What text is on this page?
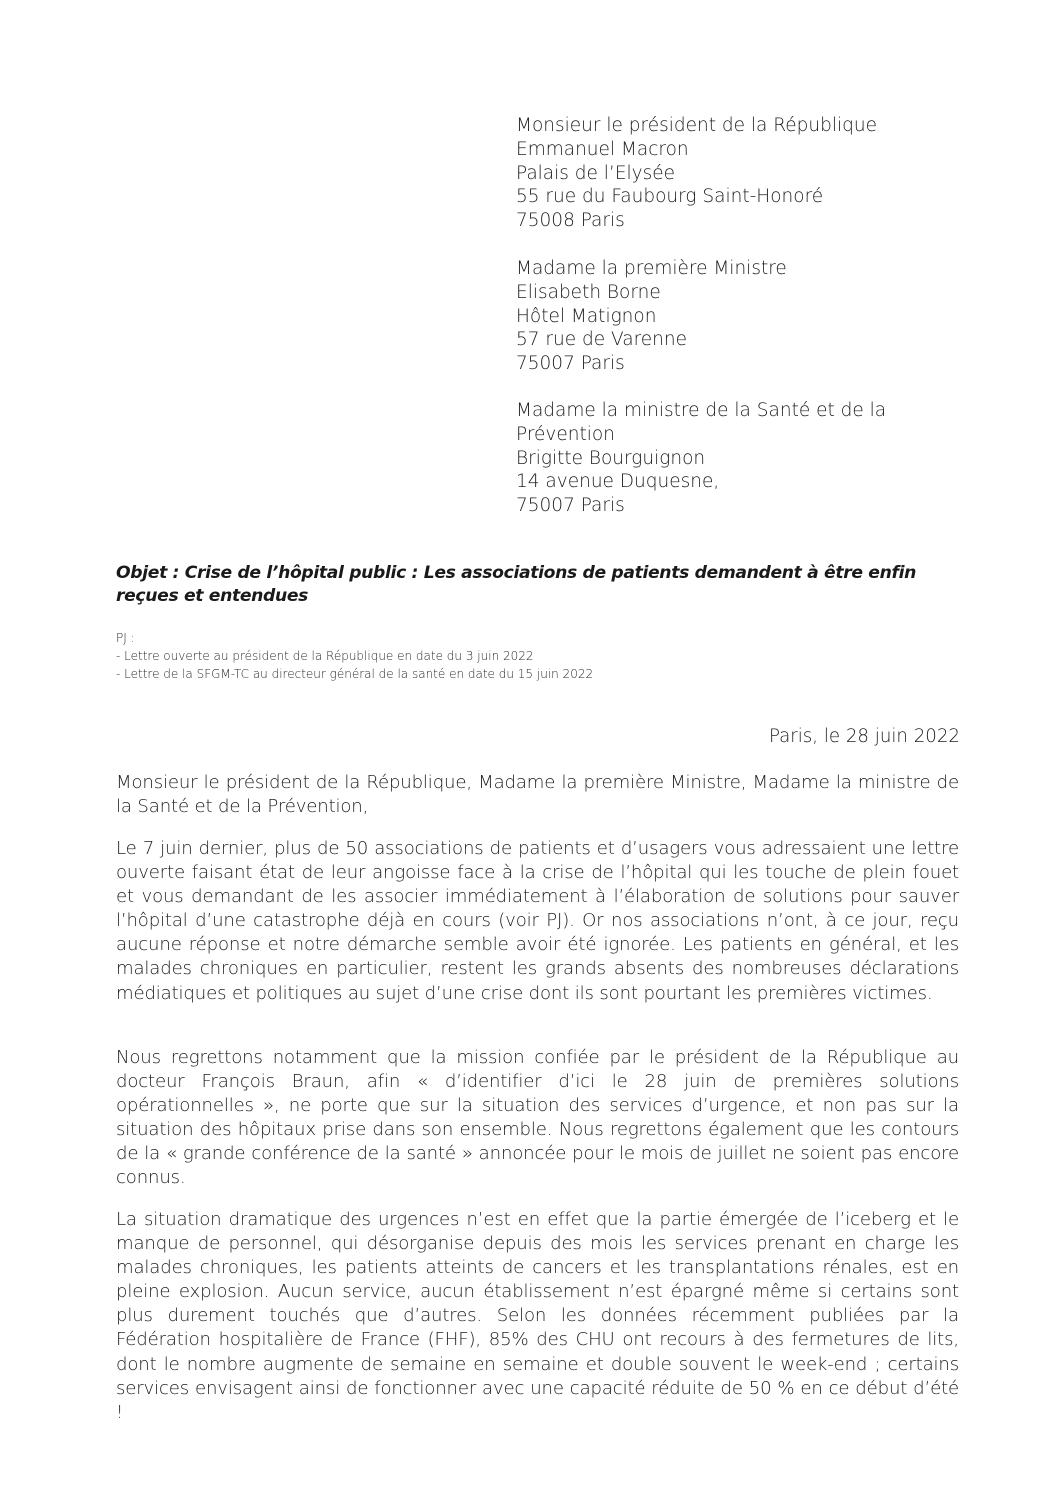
Monsieur le président de la République
Emmanuel Macron
Palais de l’Elysée
55 rue du Faubourg Saint-Honoré
75008 Paris
Madame la première Ministre
Elisabeth Borne
Hôtel Matignon
57 rue de Varenne
75007 Paris
Madame la ministre de la Santé et de la Prévention
Brigitte Bourguignon
14 avenue Duquesne,
75007 Paris
Objet : Crise de l’hôpital public : Les associations de patients demandent à être enfin reçues et entendues
PJ :
- Lettre ouverte au président de la République en date du 3 juin 2022
- Lettre de la SFGM-TC au directeur général de la santé en date du 15 juin 2022
Paris, le 28 juin 2022
Monsieur le président de la République, Madame la première Ministre, Madame la ministre de la Santé et de la Prévention,
Le 7 juin dernier, plus de 50 associations de patients et d’usagers vous adressaient une lettre ouverte faisant état de leur angoisse face à la crise de l’hôpital qui les touche de plein fouet et vous demandant de les associer immédiatement à l’élaboration de solutions pour sauver l’hôpital d’une catastrophe déjà en cours (voir PJ). Or nos associations n’ont, à ce jour, reçu aucune réponse et notre démarche semble avoir été ignorée. Les patients en général, et les malades chroniques en particulier, restent les grands absents des nombreuses déclarations médiatiques et politiques au sujet d’une crise dont ils sont pourtant les premières victimes.
Nous regrettons notamment que la mission confiée par le président de la République au docteur François Braun, afin « d’identifier d’ici le 28 juin de premières solutions opérationnelles », ne porte que sur la situation des services d’urgence, et non pas sur la situation des hôpitaux prise dans son ensemble. Nous regrettons également que les contours de la « grande conférence de la santé » annoncée pour le mois de juillet ne soient pas encore connus.
La situation dramatique des urgences n’est en effet que la partie émergée de l’iceberg et le manque de personnel, qui désorganise depuis des mois les services prenant en charge les malades chroniques, les patients atteints de cancers et les transplantations rénales, est en pleine explosion. Aucun service, aucun établissement n’est épargné même si certains sont plus durement touchés que d’autres. Selon les données récemment publiées par la Fédération hospitalière de France (FHF), 85% des CHU ont recours à des fermetures de lits, dont le nombre augmente de semaine en semaine et double souvent le week-end ; certains services envisagent ainsi de fonctionner avec une capacité réduite de 50 % en ce début d’été !
